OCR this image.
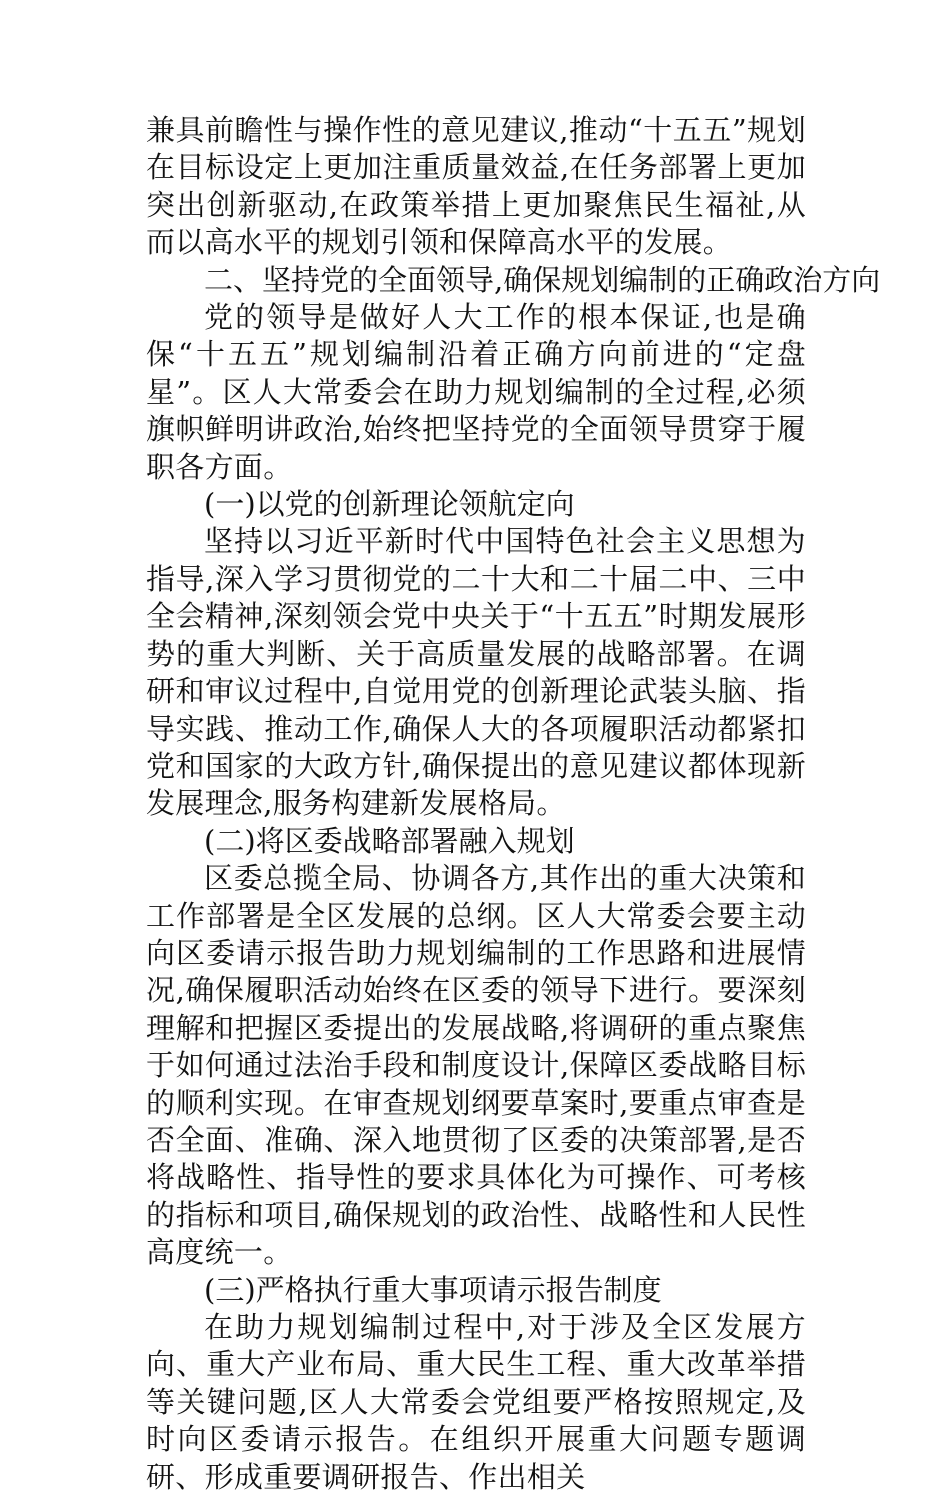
兼具前瞻性与操作性的意见建议,推动“十五五”规划在目标设定上更加注重质量效益,在任务部署上更加突出创新驱动,在政策举措上更加聚焦民生福祉,从而以高水平的规划引领和保障高水平的发展。

二、坚持党的全面领导,确保规划编制的正确政治方向

党的领导是做好人大工作的根本保证,也是确保“十五五”规划编制沿着正确方向前进的“定盘星”。区人大常委会在助力规划编制的全过程,必须旗帜鲜明讲政治,始终把坚持党的全面领导贯穿于履职各方面。

(一)以党的创新理论领航定向

坚持以习近平新时代中国特色社会主义思想为指导,深入学习贯彻党的二十大和二十届二中、三中全会精神,深刻领会党中央关于“十五五”时期发展形势的重大判断、关于高质量发展的战略部署。在调研和审议过程中,自觉用党的创新理论武装头脑、指导实践、推动工作,确保人大的各项履职活动都紧扣党和国家的大政方针,确保提出的意见建议都体现新发展理念,服务构建新发展格局。

(二)将区委战略部署融入规划

区委总揽全局、协调各方,其作出的重大决策和工作部署是全区发展的总纲。区人大常委会要主动向区委请示报告助力规划编制的工作思路和进展情况,确保履职活动始终在区委的领导下进行。要深刻理解和把握区委提出的发展战略,将调研的重点聚焦于如何通过法治手段和制度设计,保障区委战略目标的顺利实现。在审查规划纲要草案时,要重点审查是否全面、准确、深入地贯彻了区委的决策部署,是否将战略性、指导性的要求具体化为可操作、可考核的指标和项目,确保规划的政治性、战略性和人民性高度统一。

(三)严格执行重大事项请示报告制度

在助力规划编制过程中,对于涉及全区发展方向、重大产业布局、重大民生工程、重大改革举措等关键问题,区人大常委会党组要严格按照规定,及时向区委请示报告。在组织开展重大问题专题调研、形成重要调研报告、作出相关
